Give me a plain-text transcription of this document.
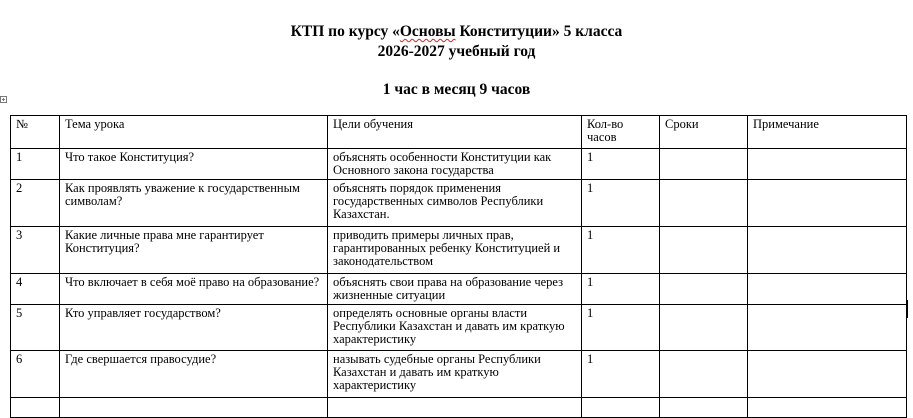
КТП по курсу «Основы Конституции» 5 класса
2026-2027 учебный год
1 час в месяц 9 часов
№	Тема урока	Цели обучения	Кол-во часов	Сроки	Примечание
1	Что такое Конституция?	объяснять особенности Конституции как Основного закона государства	1		
2	Как проявлять уважение к государственным символам?	объяснять порядок применения государственных символов Республики Казахстан.	1		
3	Какие личные права мне гарантирует Конституция?	приводить примеры личных прав, гарантированных ребенку Конституцией и законодательством	1		
4	Что включает в себя моё право на образование?	объяснять свои права на образование через жизненные ситуации	1		
5	Кто управляет государством?	определять основные органы власти Республики Казахстан и давать им краткую характеристику	1		
6	Где свершается правосудие?	называть судебные органы Республики Казахстан и давать им краткую характеристику	1		
